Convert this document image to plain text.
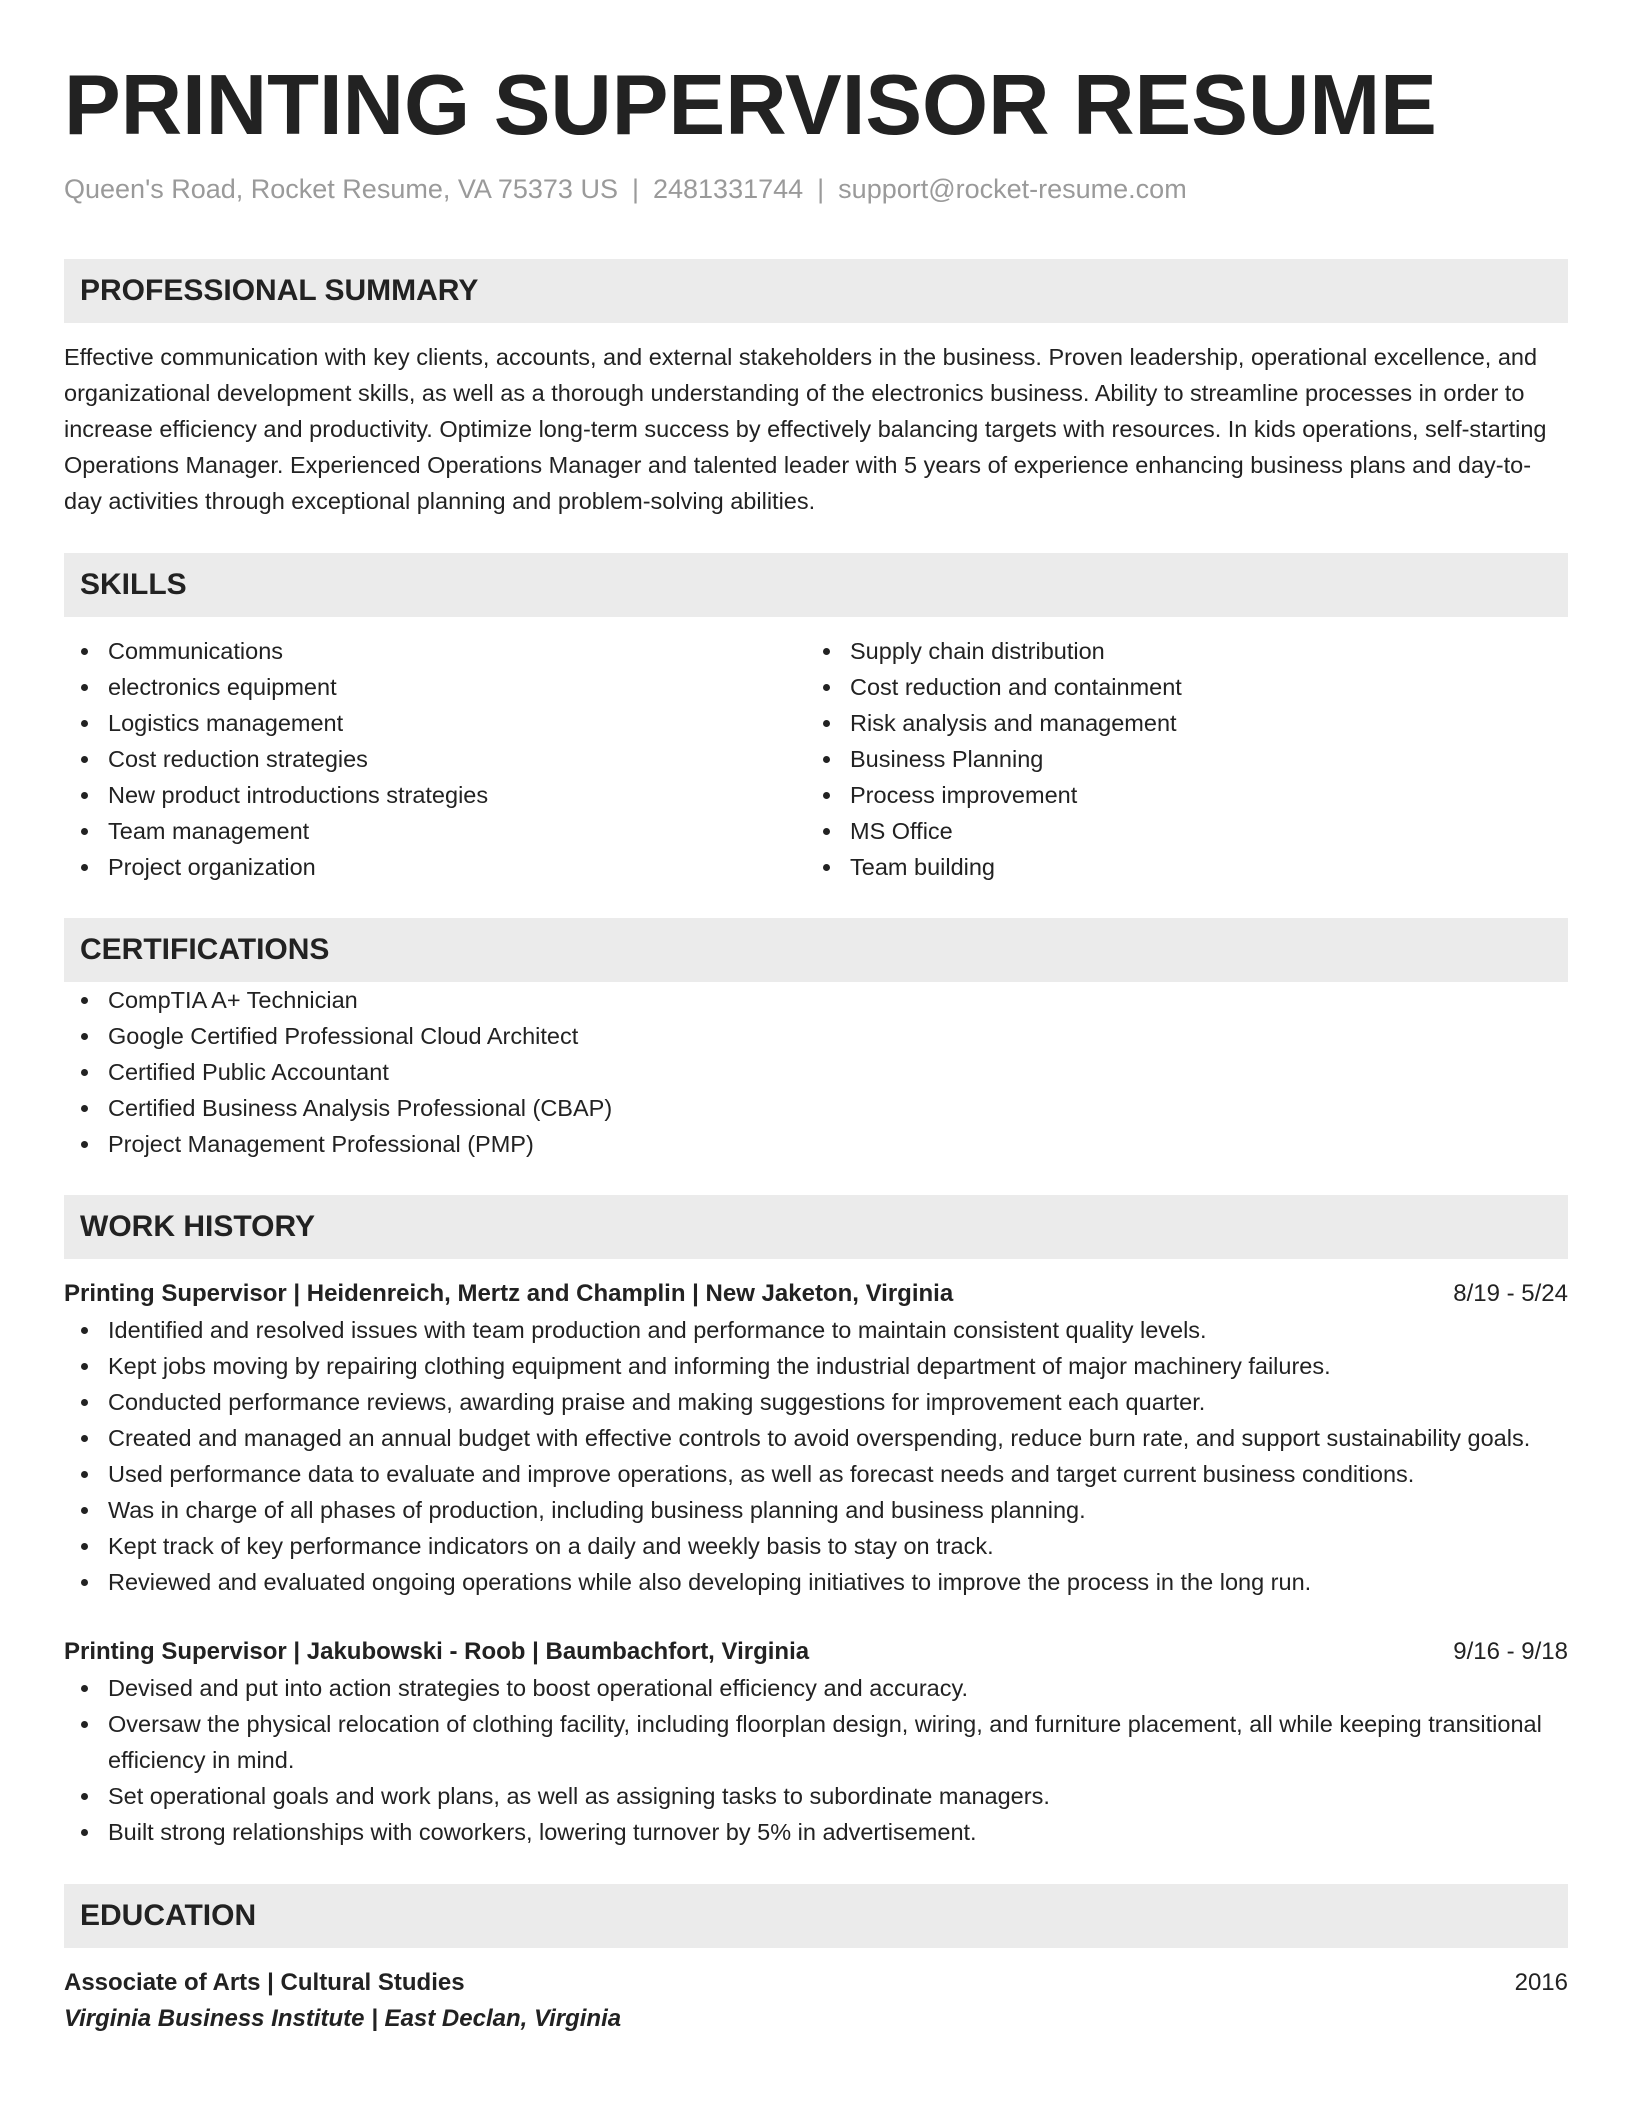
PRINTING SUPERVISOR RESUME
Queen's Road, Rocket Resume, VA 75373 US | 2481331744 | support@rocket-resume.com
PROFESSIONAL SUMMARY
Effective communication with key clients, accounts, and external stakeholders in the business. Proven leadership, operational excellence, and organizational development skills, as well as a thorough understanding of the electronics business. Ability to streamline processes in order to increase efficiency and productivity. Optimize long-term success by effectively balancing targets with resources. In kids operations, self-starting Operations Manager. Experienced Operations Manager and talented leader with 5 years of experience enhancing business plans and day-to-day activities through exceptional planning and problem-solving abilities.
SKILLS
Communications
electronics equipment
Logistics management
Cost reduction strategies
New product introductions strategies
Team management
Project organization
Supply chain distribution
Cost reduction and containment
Risk analysis and management
Business Planning
Process improvement
MS Office
Team building
CERTIFICATIONS
CompTIA A+ Technician
Google Certified Professional Cloud Architect
Certified Public Accountant
Certified Business Analysis Professional (CBAP)
Project Management Professional (PMP)
WORK HISTORY
Printing Supervisor | Heidenreich, Mertz and Champlin | New Jaketon, Virginia	8/19 - 5/24
Identified and resolved issues with team production and performance to maintain consistent quality levels.
Kept jobs moving by repairing clothing equipment and informing the industrial department of major machinery failures.
Conducted performance reviews, awarding praise and making suggestions for improvement each quarter.
Created and managed an annual budget with effective controls to avoid overspending, reduce burn rate, and support sustainability goals.
Used performance data to evaluate and improve operations, as well as forecast needs and target current business conditions.
Was in charge of all phases of production, including business planning and business planning.
Kept track of key performance indicators on a daily and weekly basis to stay on track.
Reviewed and evaluated ongoing operations while also developing initiatives to improve the process in the long run.
Printing Supervisor | Jakubowski - Roob | Baumbachfort, Virginia	9/16 - 9/18
Devised and put into action strategies to boost operational efficiency and accuracy.
Oversaw the physical relocation of clothing facility, including floorplan design, wiring, and furniture placement, all while keeping transitional efficiency in mind.
Set operational goals and work plans, as well as assigning tasks to subordinate managers.
Built strong relationships with coworkers, lowering turnover by 5% in advertisement.
EDUCATION
Associate of Arts | Cultural Studies	2016
Virginia Business Institute | East Declan, Virginia
